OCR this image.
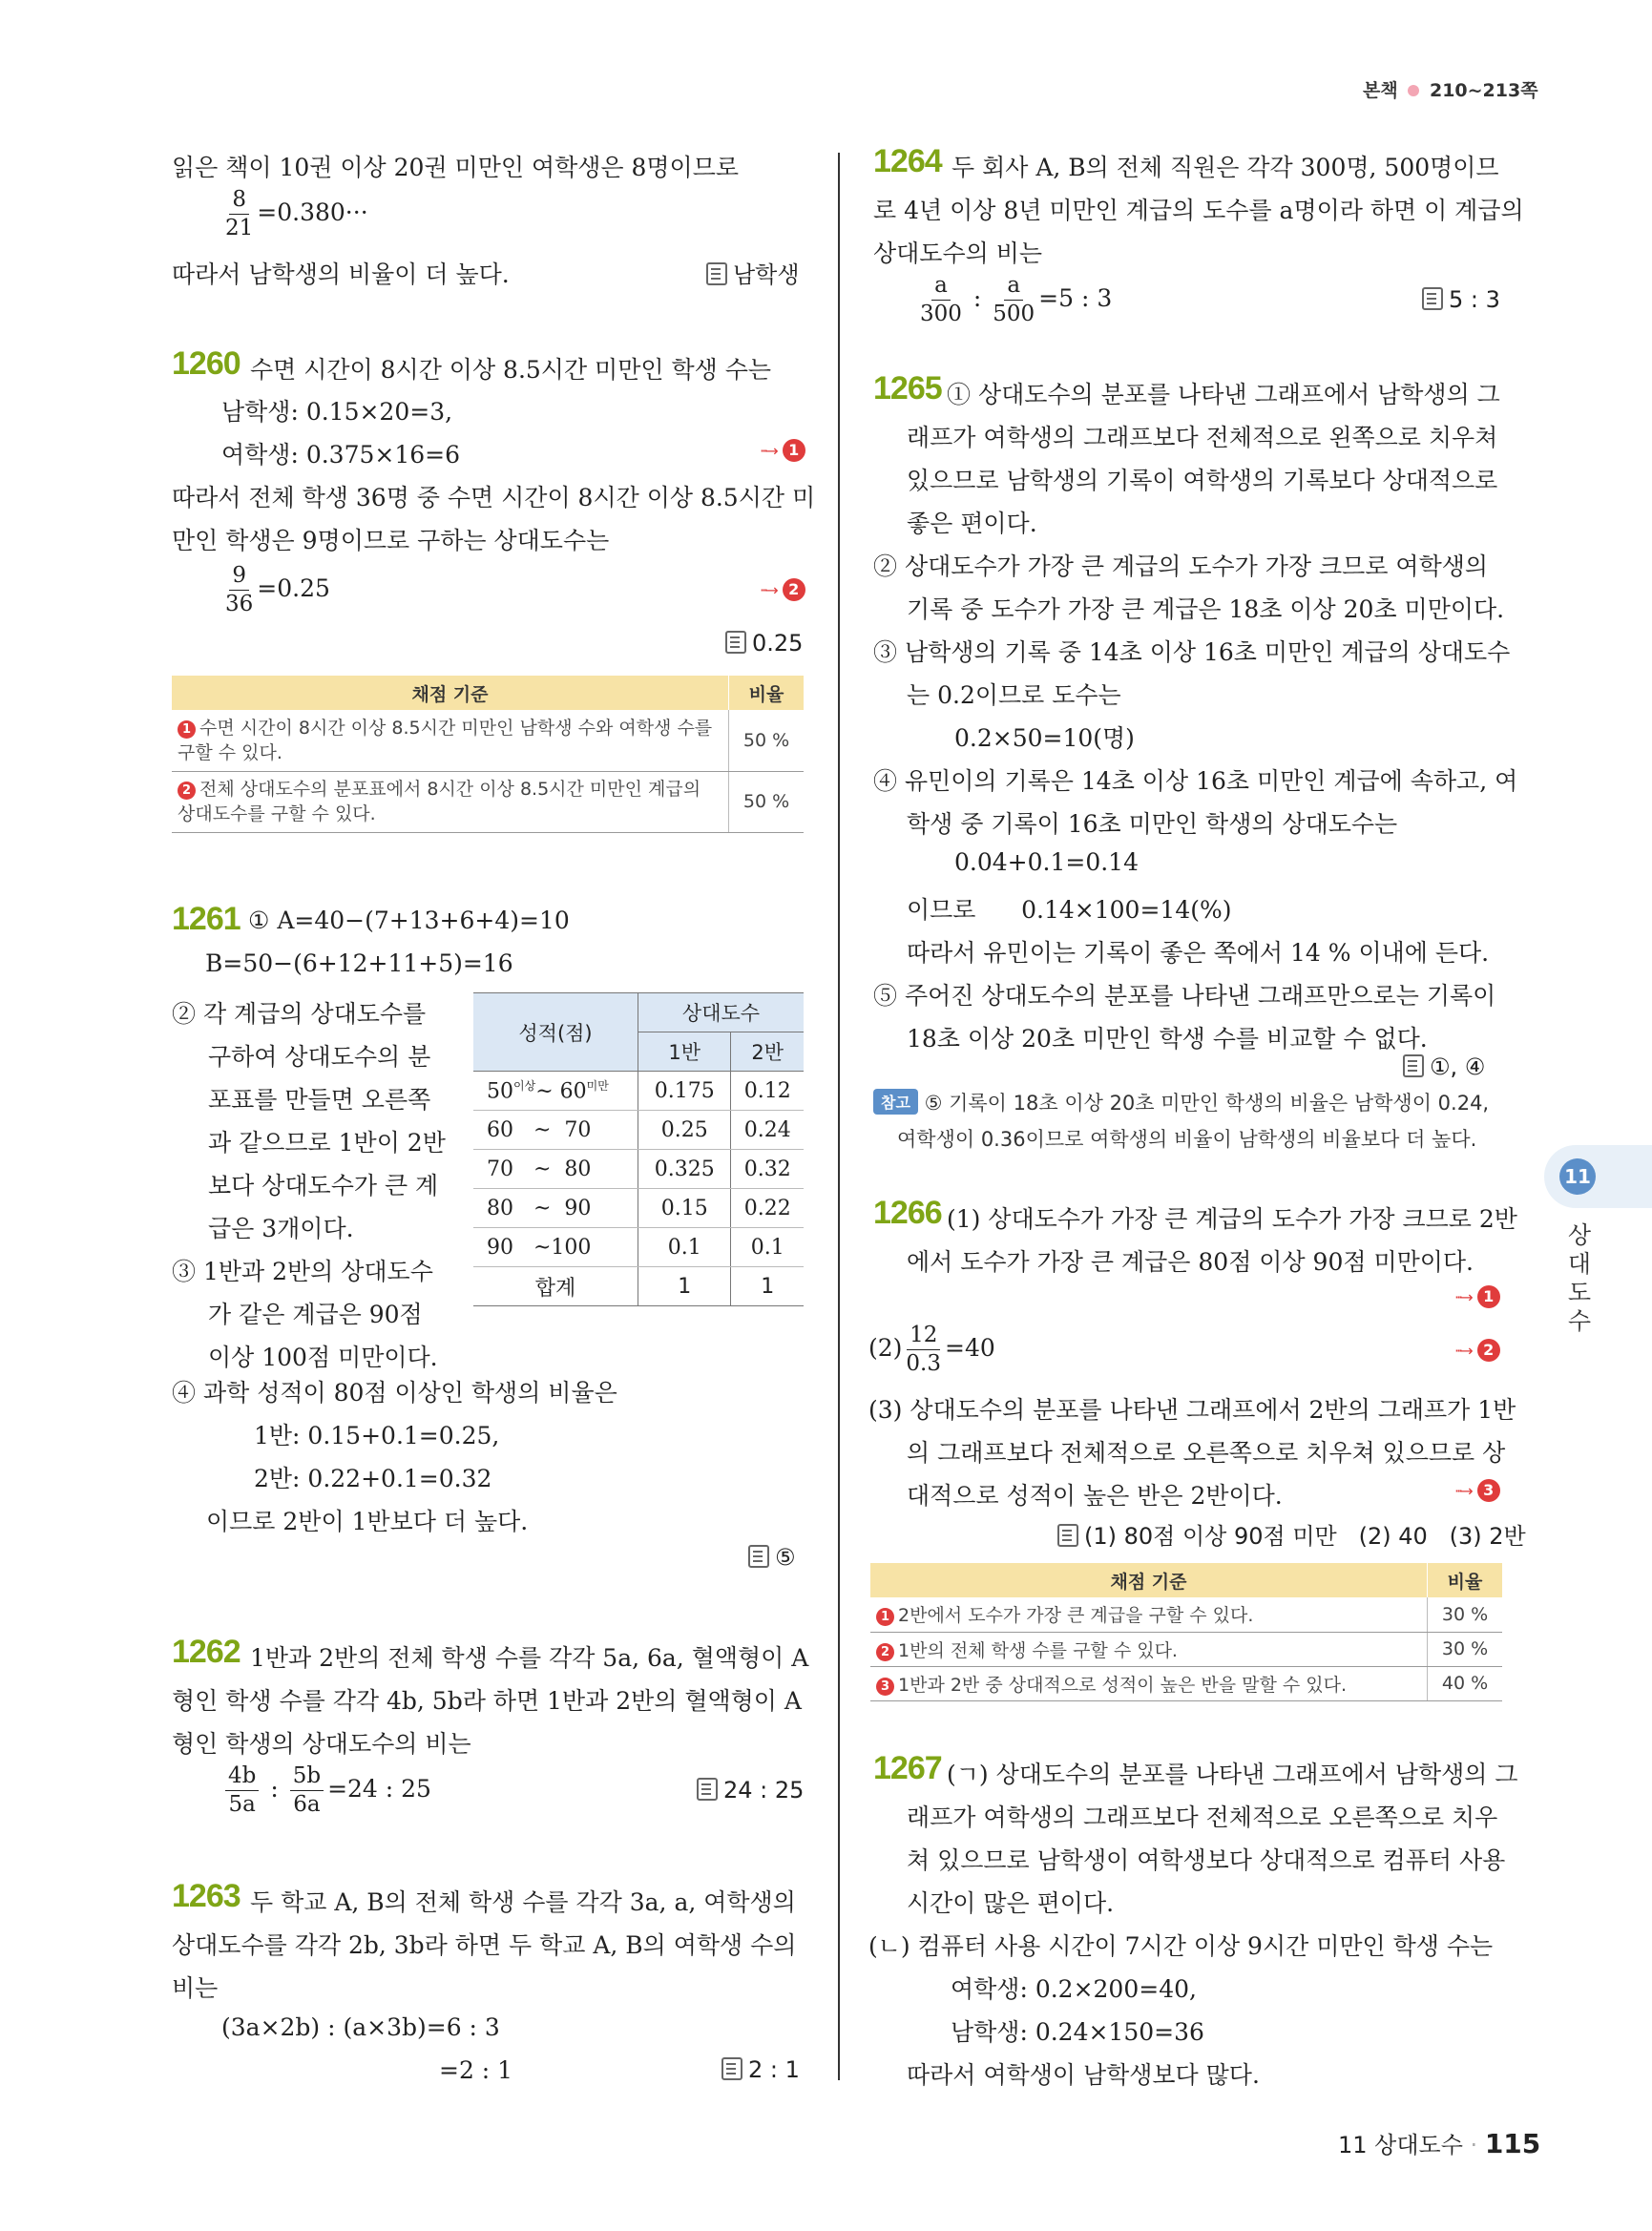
본책 210~213쪽
읽은 책이 10권 이상 20권 미만인 여학생은 8명이므로
$\frac{8}{21} =0.380\cdot\cdot\cdot$
따라서 남학생의 비율이 더 높다.	남학생
1260 수면 시간이 8시간 이상 8.5시간 미만인 학생 수는
남학생: 0.15×20=3,
여학생: 0.375×16=6	···→ 1
따라서 전체 학생 36명 중 수면 시간이 8시간 이상 8.5시간 미
만인 학생은 9명이므로 구하는 상대도수는
$\frac{9}{36} =0.25$	···→ 2
0.25
채점 기준	비율
1 수면 시간이 8시간 이상 8.5시간 미만인 남학생 수와 여학생 수를 구할 수 있다.	50 %
2 전체 상대도수의 분포표에서 8시간 이상 8.5시간 미만인 계급의 상대도수를 구할 수 있다.	50 %
1261 ① A=40−(7+13+6+4)=10
B=50−(6+12+11+5)=16
② 각 계급의 상대도수를
구하여 상대도수의 분
포표를 만들면 오른쪽
과 같으므로 1반이 2반
보다 상대도수가 큰 계
급은 3개이다.
③ 1반과 2반의 상대도수
가 같은 계급은 90점
이상 100점 미만이다.
성적(점)	상대도수	
	1반	2반
$50^{이상}\sim$ $60^{미만}$	0.175	0.12
60   ~  70	0.25	0.24
70   ~  80	0.325	0.32
80   ~  90	0.15	0.22
90   ~100	0.1	0.1
합계	1	1
④ 과학 성적이 80점 이상인 학생의 비율은
1반: 0.15+0.1=0.25,
2반: 0.22+0.1=0.32
이므로 2반이 1반보다 더 높다.
⑤
1262 1반과 2반의 전체 학생 수를 각각 5a, 6a, 혈액형이 A
형인 학생 수를 각각 4b, 5b라 하면 1반과 2반의 혈액형이 A
형인 학생의 상대도수의 비는
$\frac{4b}{5a}$ : $\frac{5b}{6a} =24$ : 25	24 : 25
1263 두 학교 A, B의 전체 학생 수를 각각 3a, a, 여학생의
상대도수를 각각 2b, 3b라 하면 두 학교 A, B의 여학생 수의
비는
(3a×2b) : (a×3b)=6 : 3
=2 : 1	2 : 1
1264 두 회사 A, B의 전체 직원은 각각 300명, 500명이므
로 4년 이상 8년 미만인 계급의 도수를 a명이라 하면 이 계급의
상대도수의 비는
$\frac{a}{300}$ : $\frac{a}{500} =5$ : 3	5 : 3
1265 ① 상대도수의 분포를 나타낸 그래프에서 남학생의 그
래프가 여학생의 그래프보다 전체적으로 왼쪽으로 치우쳐
있으므로 남학생의 기록이 여학생의 기록보다 상대적으로
좋은 편이다.
② 상대도수가 가장 큰 계급의 도수가 가장 크므로 여학생의
기록 중 도수가 가장 큰 계급은 18초 이상 20초 미만이다.
③ 남학생의 기록 중 14초 이상 16초 미만인 계급의 상대도수
는 0.2이므로 도수는
0.2×50=10(명)
④ 유민이의 기록은 14초 이상 16초 미만인 계급에 속하고, 여
학생 중 기록이 16초 미만인 학생의 상대도수는
0.04+0.1=0.14
이므로      0.14×100=14(%)
따라서 유민이는 기록이 좋은 쪽에서 14 % 이내에 든다.
⑤ 주어진 상대도수의 분포를 나타낸 그래프만으로는 기록이
18초 이상 20초 미만인 학생 수를 비교할 수 없다.
①, ④
참고 ⑤ 기록이 18초 이상 20초 미만인 학생의 비율은 남학생이 0.24,
여학생이 0.36이므로 여학생의 비율이 남학생의 비율보다 더 높다.
11
상
대
도
수
1266 (1) 상대도수가 가장 큰 계급의 도수가 가장 크므로 2반
에서 도수가 가장 큰 계급은 80점 이상 90점 미만이다.
···→ 1
$(2) \frac{12}{0.3} =40$	···→ 2
(3) 상대도수의 분포를 나타낸 그래프에서 2반의 그래프가 1반
의 그래프보다 전체적으로 오른쪽으로 치우쳐 있으므로 상
대적으로 성적이 높은 반은 2반이다.	···→ 3
(1) 80점 이상 90점 미만   (2) 40   (3) 2반
채점 기준	비율
1 2반에서 도수가 가장 큰 계급을 구할 수 있다.	30 %
2 1반의 전체 학생 수를 구할 수 있다.	30 %
3 1반과 2반 중 상대적으로 성적이 높은 반을 말할 수 있다.	40 %
1267 (ㄱ) 상대도수의 분포를 나타낸 그래프에서 남학생의 그
래프가 여학생의 그래프보다 전체적으로 오른쪽으로 치우
쳐 있으므로 남학생이 여학생보다 상대적으로 컴퓨터 사용
시간이 많은 편이다.
(ㄴ) 컴퓨터 사용 시간이 7시간 이상 9시간 미만인 학생 수는
여학생: 0.2×200=40,
남학생: 0.24×150=36
따라서 여학생이 남학생보다 많다.
11 상대도수 · 115
